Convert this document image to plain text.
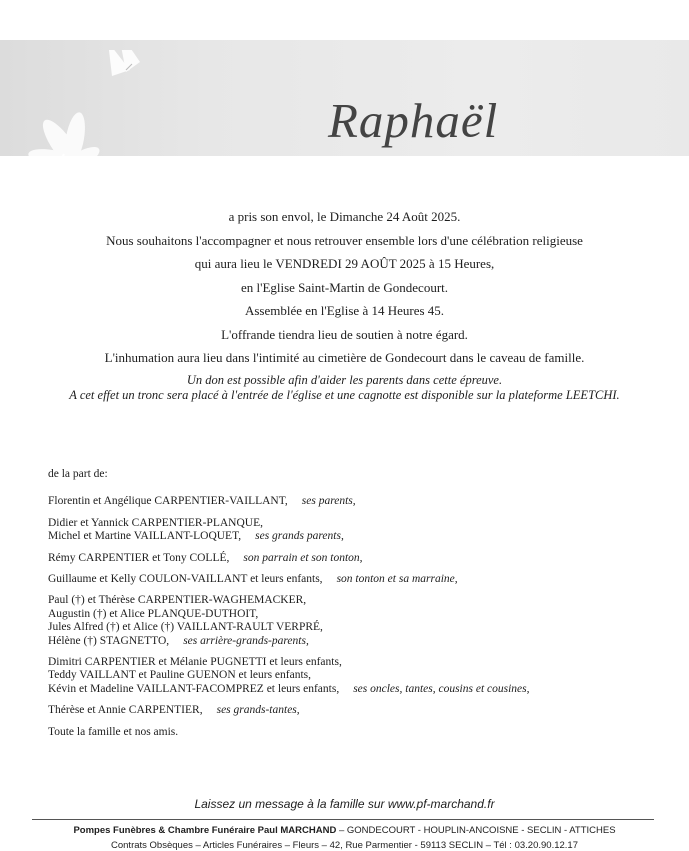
Raphaël
a pris son envol, le Dimanche 24 Août 2025.
Nous souhaitons l'accompagner et nous retrouver ensemble lors d'une célébration religieuse
qui aura lieu le VENDREDI 29 AOÛT 2025 à 15 Heures,
en l'Eglise Saint-Martin de Gondecourt.
Assemblée en l'Eglise à 14 Heures 45.
L'offrande tiendra lieu de soutien à notre égard.
L'inhumation aura lieu dans l'intimité au cimetière de Gondecourt dans le caveau de famille.
Un don est possible afin d'aider les parents dans cette épreuve.
A cet effet un tronc sera placé à l'entrée de l'église et une cagnotte est disponible sur la plateforme LEETCHI.
de la part de:
Florentin et Angélique CARPENTIER-VAILLANT, ses parents,
Didier et Yannick CARPENTIER-PLANQUE,
Michel et Martine VAILLANT-LOQUET, ses grands parents,
Rémy CARPENTIER et Tony COLLÉ, son parrain et son tonton,
Guillaume et Kelly COULON-VAILLANT et leurs enfants, son tonton et sa marraine,
Paul (†) et Thérèse CARPENTIER-WAGHEMACKER,
Augustin (†) et Alice PLANQUE-DUTHOIT,
Jules Alfred (†) et Alice (†) VAILLANT-RAULT VERPRÉ,
Hélène (†) STAGNETTO, ses arrière-grands-parents,
Dimitri CARPENTIER et Mélanie PUGNETTI et leurs enfants,
Teddy VAILLANT et Pauline GUENON et leurs enfants,
Kévin et Madeline VAILLANT-FACOMPREZ et leurs enfants, ses oncles, tantes, cousins et cousines,
Thérèse et Annie CARPENTIER, ses grands-tantes,
Toute la famille et nos amis.
Laissez un message à la famille sur www.pf-marchand.fr
Pompes Funèbres & Chambre Funéraire Paul MARCHAND – GONDECOURT - HOUPLIN-ANCOISNE - SECLIN - ATTICHES
Contrats Obsèques – Articles Funéraires – Fleurs – 42, Rue Parmentier - 59113 SECLIN – Tél : 03.20.90.12.17
